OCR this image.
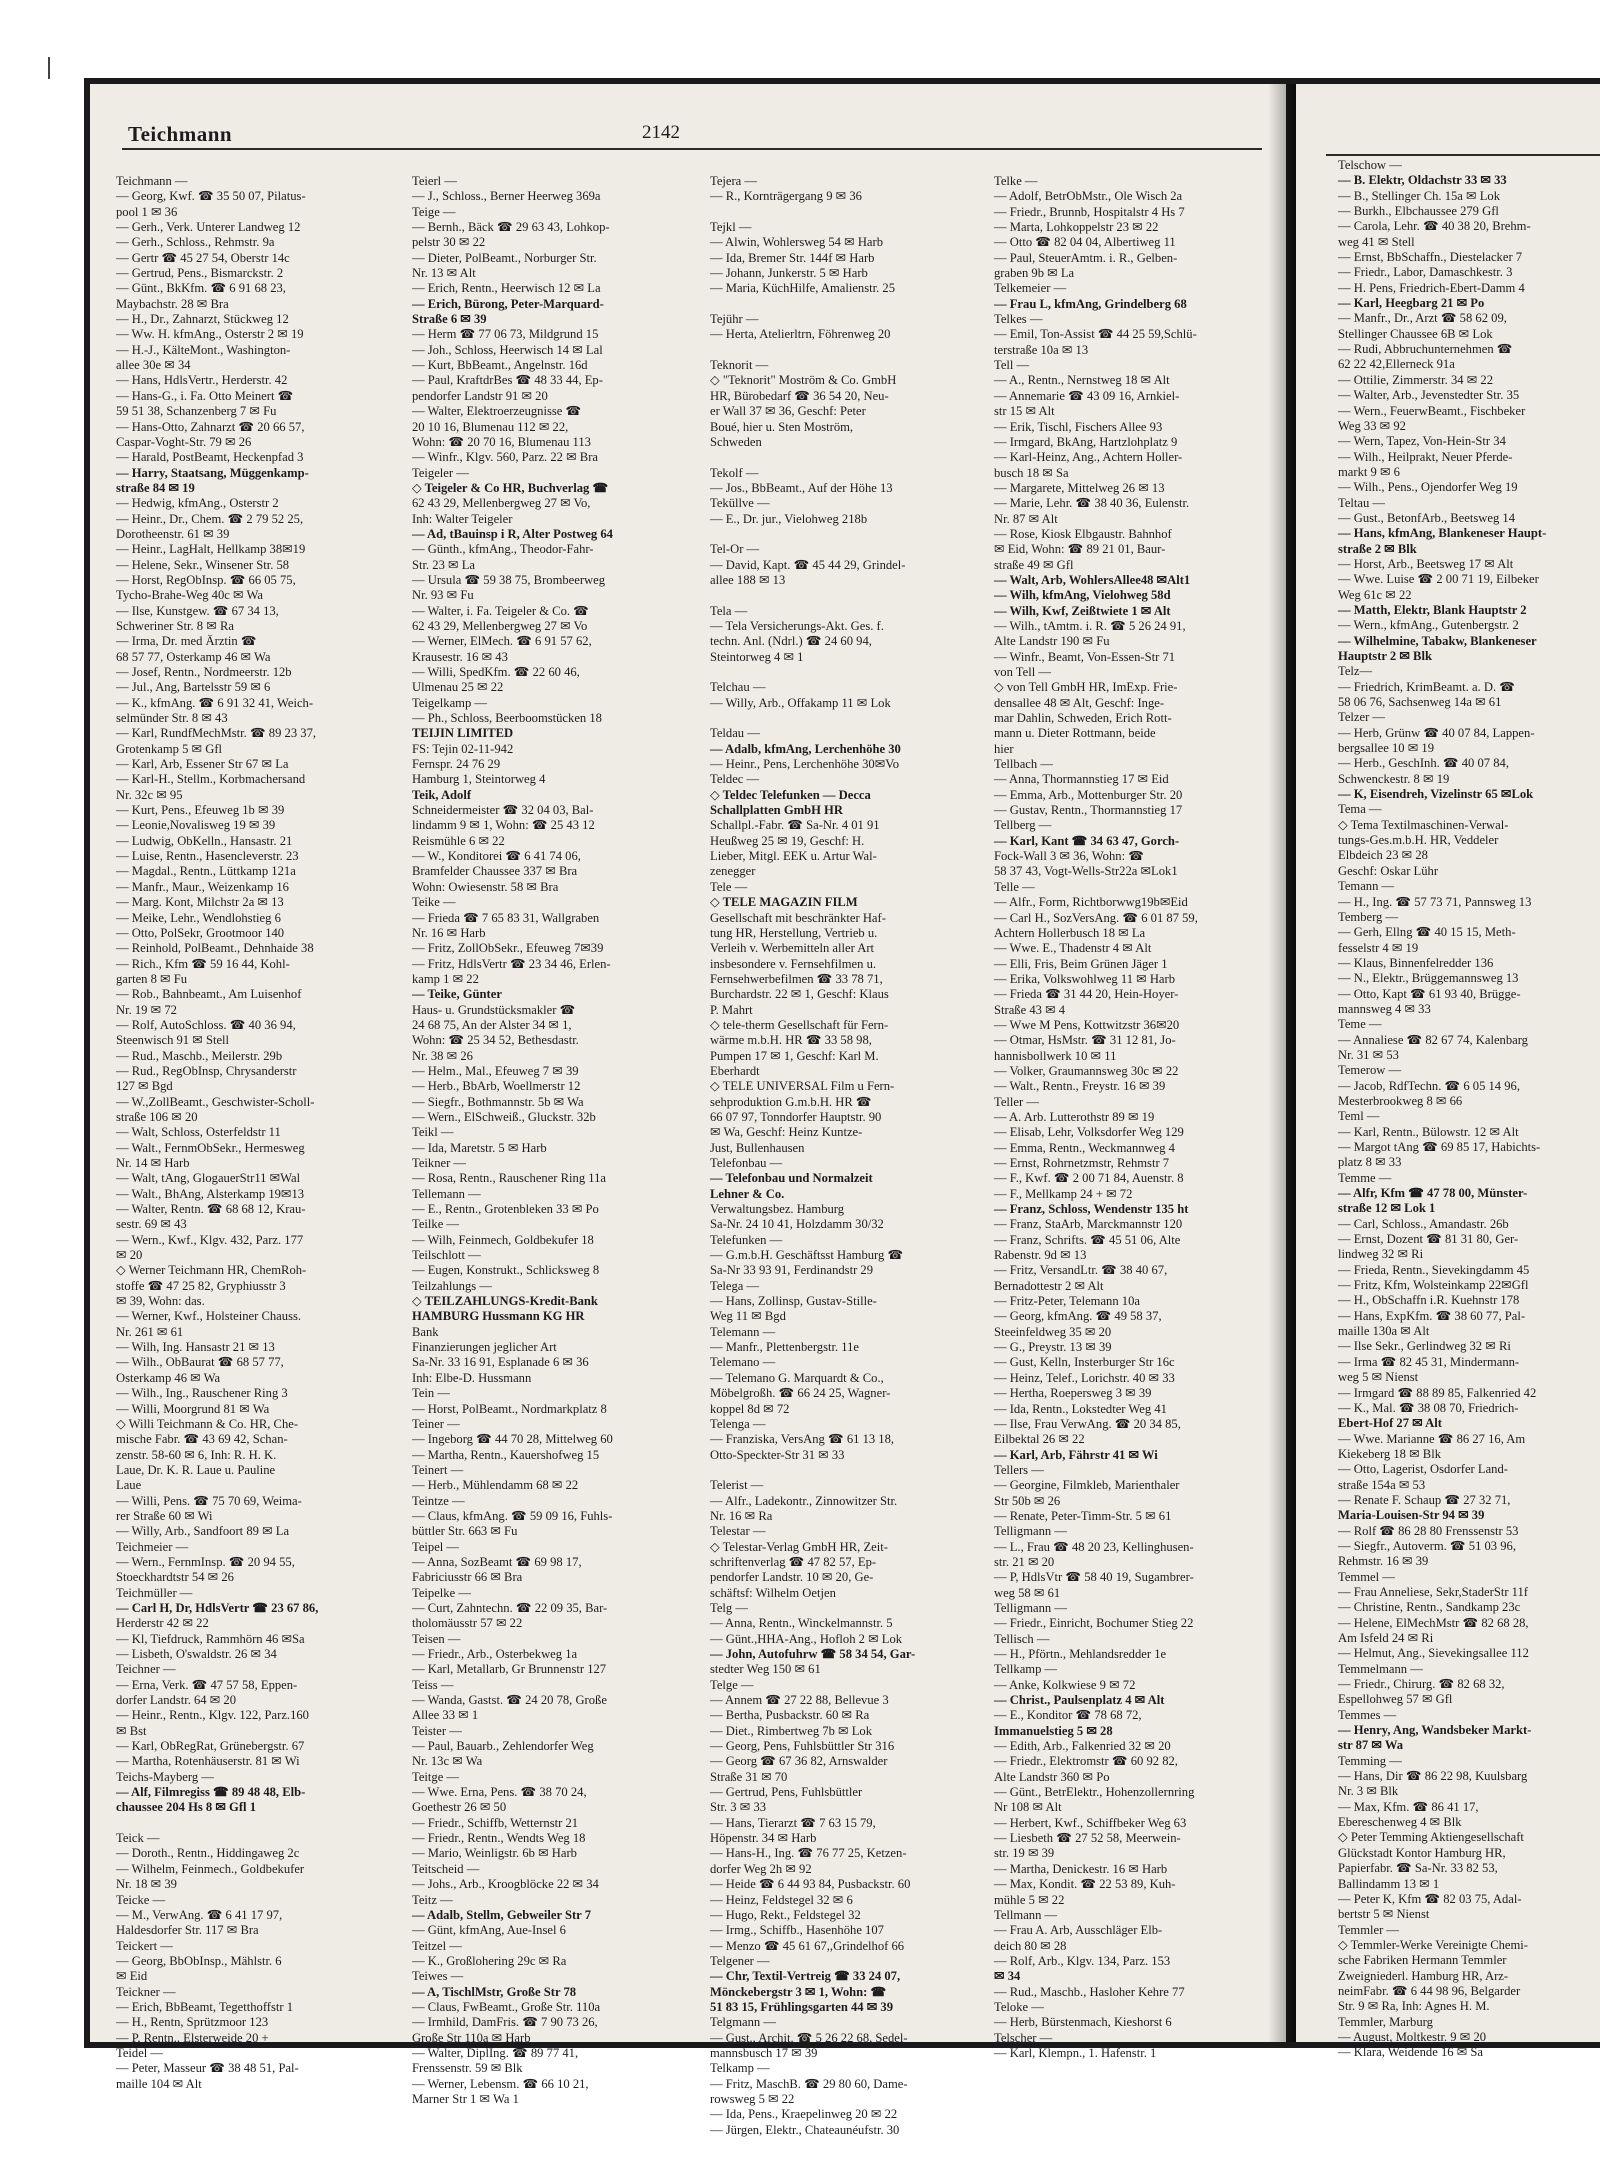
Teichmann	2142
Teichmann —
— Georg, Kwf. ☎ 35 50 07, Pilatus-
pool 1 ✉ 36
— Gerh., Verk. Unterer Landweg 12
— Gerh., Schloss., Rehmstr. 9a
— Gertr ☎ 45 27 54, Oberstr 14c
— Gertrud, Pens., Bismarckstr. 2
— Günt., BkKfm. ☎ 6 91 68 23,
Maybachstr. 28 ✉ Bra
— H., Dr., Zahnarzt, Stückweg 12
— Ww. H. kfmAng., Osterstr 2 ✉ 19
— H.-J., KälteMont., Washington-
allee 30e ✉ 34
— Hans, HdlsVertr., Herderstr. 42
— Hans-G., i. Fa. Otto Meinert ☎
59 51 38, Schanzenberg 7 ✉ Fu
— Hans-Otto, Zahnarzt ☎ 20 66 57,
Caspar-Voght-Str. 79 ✉ 26
— Harald, PostBeamt, Heckenpfad 3
— Harry, Staatsang, Müggenkamp-
straße 84 ✉ 19
— Hedwig, kfmAng., Osterstr 2
— Heinr., Dr., Chem. ☎ 2 79 52 25,
Dorotheenstr. 61 ✉ 39
— Heinr., LagHalt, Hellkamp 38✉19
— Helene, Sekr., Winsener Str. 58
— Horst, RegObInsp. ☎ 66 05 75,
Tycho-Brahe-Weg 40c ✉ Wa
— Ilse, Kunstgew. ☎ 67 34 13,
Schweriner Str. 8 ✉ Ra
— Irma, Dr. med Ärztin ☎
68 57 77, Osterkamp 46 ✉ Wa
— Josef, Rentn., Nordmeerstr. 12b
— Jul., Ang, Bartelsstr 59 ✉ 6
— K., kfmAng. ☎ 6 91 32 41, Weich-
selmünder Str. 8 ✉ 43
— Karl, RundfMechMstr. ☎ 89 23 37,
Grotenkamp 5 ✉ Gfl
— Karl, Arb, Essener Str 67 ✉ La
— Karl-H., Stellm., Korbmachersand
Nr. 32c ✉ 95
— Kurt, Pens., Efeuweg 1b ✉ 39
— Leonie,Novalisweg 19 ✉ 39
— Ludwig, ObKelln., Hansastr. 21
— Luise, Rentn., Hasencleverstr. 23
— Magdal., Rentn., Lüttkamp 121a
— Manfr., Maur., Weizenkamp 16
— Marg. Kont, Milchstr 2a ✉ 13
— Meike, Lehr., Wendlohstieg 6
— Otto, PolSekr, Grootmoor 140
— Reinhold, PolBeamt., Dehnhaide 38
— Rich., Kfm ☎ 59 16 44, Kohl-
garten 8 ✉ Fu
— Rob., Bahnbeamt., Am Luisenhof
Nr. 19 ✉ 72
— Rolf, AutoSchloss. ☎ 40 36 94,
Steenwisch 91 ✉ Stell
— Rud., Maschb., Meilerstr. 29b
— Rud., RegObInsp, Chrysanderstr
127 ✉ Bgd
— W.,ZollBeamt., Geschwister-Scholl-
straße 106 ✉ 20
— Walt, Schloss, Osterfeldstr 11
— Walt., FernmObSekr., Hermesweg
Nr. 14 ✉ Harb
— Walt, tAng, GlogauerStr11 ✉Wal
— Walt., BhAng, Alsterkamp 19✉13
— Walter, Rentn. ☎ 68 68 12, Krau-
sestr. 69 ✉ 43
— Wern., Kwf., Klgv. 432, Parz. 177
✉ 20
◇ Werner Teichmann HR, ChemRoh-
stoffe ☎ 47 25 82, Gryphiusstr 3
✉ 39, Wohn: das.
— Werner, Kwf., Holsteiner Chauss.
Nr. 261 ✉ 61
— Wilh, Ing. Hansastr 21 ✉ 13
— Wilh., ObBaurat ☎ 68 57 77,
Osterkamp 46 ✉ Wa
— Wilh., Ing., Rauschener Ring 3
— Willi, Moorgrund 81 ✉ Wa
◇ Willi Teichmann & Co. HR, Che-
mische Fabr. ☎ 43 69 42, Schan-
zenstr. 58-60 ✉ 6, Inh: R. H. K.
Laue, Dr. K. R. Laue u. Pauline
Laue
— Willi, Pens. ☎ 75 70 69, Weima-
rer Straße 60 ✉ Wi
— Willy, Arb., Sandfoort 89 ✉ La
Teichmeier —
— Wern., FernmInsp. ☎ 20 94 55,
Stoeckhardtstr 54 ✉ 26
Teichmüller —
— Carl H, Dr, HdlsVertr ☎ 23 67 86,
Herderstr 42 ✉ 22
— Kl, Tiefdruck, Rammhörn 46 ✉Sa
— Lisbeth, O'swaldstr. 26 ✉ 34
Teichner —
— Erna, Verk. ☎ 47 57 58, Eppen-
dorfer Landstr. 64 ✉ 20
— Heinr., Rentn., Klgv. 122, Parz.160
✉ Bst
— Karl, ObRegRat, Grünebergstr. 67
— Martha, Rotenhäuserstr. 81 ✉ Wi
Teichs-Mayberg —
— Alf, Filmregiss ☎ 89 48 48, Elb-
chaussee 204 Hs 8 ✉ Gfl 1
Teick —
— Doroth., Rentn., Hiddingaweg 2c
— Wilhelm, Feinmech., Goldbekufer
Nr. 18 ✉ 39
Teicke —
— M., VerwAng. ☎ 6 41 17 97,
Haldesdorfer Str. 117 ✉ Bra
Teickert —
— Georg, BbObInsp., Mählstr. 6
✉ Eid
Teickner —
— Erich, BbBeamt, Tegetthoffstr 1
— H., Rentn, Sprützmoor 123
— P, Rentn., Elsterweide 20 +
Teidel —
— Peter, Masseur ☎ 38 48 51, Pal-
maille 104 ✉ Alt
Teierl —
— J., Schloss., Berner Heerweg 369a
Teige —
— Bernh., Bäck ☎ 29 63 43, Lohkop-
pelstr 30 ✉ 22
— Dieter, PolBeamt., Norburger Str.
Nr. 13 ✉ Alt
— Erich, Rentn., Heerwisch 12 ✉ La
— Erich, Bürong, Peter-Marquard-
Straße 6 ✉ 39
— Herm ☎ 77 06 73, Mildgrund 15
— Joh., Schloss, Heerwisch 14 ✉ Lal
— Kurt, BbBeamt., Angelnstr. 16d
— Paul, KraftdrBes ☎ 48 33 44, Ep-
pendorfer Landstr 91 ✉ 20
— Walter, Elektroerzeugnisse ☎
20 10 16, Blumenau 112 ✉ 22,
Wohn: ☎ 20 70 16, Blumenau 113
— Winfr., Klgv. 560, Parz. 22 ✉ Bra
Teigeler —
◇ Teigeler & Co HR, Buchverlag ☎
62 43 29, Mellenbergweg 27 ✉ Vo,
Inh: Walter Teigeler
— Ad, tBauinsp i R, Alter Postweg 64
— Günth., kfmAng., Theodor-Fahr-
Str. 23 ✉ La
— Ursula ☎ 59 38 75, Brombeerweg
Nr. 93 ✉ Fu
— Walter, i. Fa. Teigeler & Co. ☎
62 43 29, Mellenbergweg 27 ✉ Vo
— Werner, ElMech. ☎ 6 91 57 62,
Krausestr. 16 ✉ 43
— Willi, SpedKfm. ☎ 22 60 46,
Ulmenau 25 ✉ 22
Teigelkamp —
— Ph., Schloss, Beerboomstücken 18
TEIJIN LIMITED
FS: Tejin 02-11-942
Fernspr. 24 76 29
Hamburg 1, Steintorweg 4
Teik, Adolf
Schneidermeister ☎ 32 04 03, Bal-
lindamm 9 ✉ 1, Wohn: ☎ 25 43 12
Reismühle 6 ✉ 22
— W., Konditorei ☎ 6 41 74 06,
Bramfelder Chaussee 337 ✉ Bra
Wohn: Owiesenstr. 58 ✉ Bra
Teike —
— Frieda ☎ 7 65 83 31, Wallgraben
Nr. 16 ✉ Harb
— Fritz, ZollObSekr., Efeuweg 7✉39
— Fritz, HdlsVertr ☎ 23 34 46, Erlen-
kamp 1 ✉ 22
— Teike, Günter
Haus- u. Grundstücksmakler ☎
24 68 75, An der Alster 34 ✉ 1,
Wohn: ☎ 25 34 52, Bethesdastr.
Nr. 38 ✉ 26
— Helm., Mal., Efeuweg 7 ✉ 39
— Herb., BbArb, Woellmerstr 12
— Siegfr., Bothmannstr. 5b ✉ Wa
— Wern., ElSchweiß., Gluckstr. 32b
Teikl —
— Ida, Maretstr. 5 ✉ Harb
Teikner —
— Rosa, Rentn., Rauschener Ring 11a
Tellemann —
— E., Rentn., Grotenbleken 33 ✉ Po
Teilke —
— Wilh, Feinmech, Goldbekufer 18
Teilschlott —
— Eugen, Konstrukt., Schlicksweg 8
Teilzahlungs —
◇ TEILZAHLUNGS-Kredit-Bank
HAMBURG Hussmann KG HR
Bank
Finanzierungen jeglicher Art
Sa-Nr. 33 16 91, Esplanade 6 ✉ 36
Inh: Elbe-D. Hussmann
Tein —
— Horst, PolBeamt., Nordmarkplatz 8
Teiner —
— Ingeborg ☎ 44 70 28, Mittelweg 60
— Martha, Rentn., Kauershofweg 15
Teinert —
— Herb., Mühlendamm 68 ✉ 22
Teintze —
— Claus, kfmAng. ☎ 59 09 16, Fuhls-
büttler Str. 663 ✉ Fu
Teipel —
— Anna, SozBeamt ☎ 69 98 17,
Fabriciusstr 66 ✉ Bra
Teipelke —
— Curt, Zahntechn. ☎ 22 09 35, Bar-
tholomäusstr 57 ✉ 22
Teisen —
— Friedr., Arb., Osterbekweg 1a
— Karl, Metallarb, Gr Brunnenstr 127
Teiss —
— Wanda, Gastst. ☎ 24 20 78, Große
Allee 33 ✉ 1
Teister —
— Paul, Bauarb., Zehlendorfer Weg
Nr. 13c ✉ Wa
Teitge —
— Wwe. Erna, Pens. ☎ 38 70 24,
Goethestr 26 ✉ 50
— Friedr., Schiffb, Wetternstr 21
— Friedr., Rentn., Wendts Weg 18
— Mario, Weinligstr. 6b ✉ Harb
Teitscheid —
— Johs., Arb., Kroogblöcke 22 ✉ 34
Teitz —
— Adalb, Stellm, Gebweiler Str 7
— Günt, kfmAng, Aue-Insel 6
Teitzel —
— K., Großlohering 29c ✉ Ra
Teiwes —
— A, TischlMstr, Große Str 78
— Claus, FwBeamt., Große Str. 110a
— Irmhild, DamFris. ☎ 7 90 73 26,
Große Str 110a ✉ Harb
— Walter, DiplIng. ☎ 89 77 41,
Frenssenstr. 59 ✉ Blk
— Werner, Lebensm. ☎ 66 10 21,
Marner Str 1 ✉ Wa 1
Tejera —
— R., Kornträgergang 9 ✉ 36
Tejkl —
— Alwin, Wohlersweg 54 ✉ Harb
— Ida, Bremer Str. 144f ✉ Harb
— Johann, Junkerstr. 5 ✉ Harb
— Maria, KüchHilfe, Amalienstr. 25
Tejühr —
— Herta, Atelierltrn, Föhrenweg 20
Teknorit —
◇ "Teknorit" Moström & Co. GmbH
HR, Bürobedarf ☎ 36 54 20, Neu-
er Wall 37 ✉ 36, Geschf: Peter
Boué, hier u. Sten Moström,
Schweden
Tekolf —
— Jos., BbBeamt., Auf der Höhe 13
Teküllve —
— E., Dr. jur., Vielohweg 218b
Tel-Or —
— David, Kapt. ☎ 45 44 29, Grindel-
allee 188 ✉ 13
Tela —
— Tela Versicherungs-Akt. Ges. f.
techn. Anl. (Ndrl.) ☎ 24 60 94,
Steintorweg 4 ✉ 1
Telchau —
— Willy, Arb., Offakamp 11 ✉ Lok
Teldau —
— Adalb, kfmAng, Lerchenhöhe 30
— Heinr., Pens, Lerchenhöhe 30✉Vo
Teldec —
◇ Teldec Telefunken — Decca
Schallplatten GmbH HR
Schallpl.-Fabr. ☎ Sa-Nr. 4 01 91
Heußweg 25 ✉ 19, Geschf: H.
Lieber, Mitgl. EEK u. Artur Wal-
zenegger
Tele —
◇ TELE MAGAZIN FILM
Gesellschaft mit beschränkter Haf-
tung HR, Herstellung, Vertrieb u.
Verleih v. Werbemitteln aller Art
insbesondere v. Fernsehfilmen u.
Fernsehwerbefilmen ☎ 33 78 71,
Burchardstr. 22 ✉ 1, Geschf: Klaus
P. Mahrt
◇ tele-therm Gesellschaft für Fern-
wärme m.b.H. HR ☎ 33 58 98,
Pumpen 17 ✉ 1, Geschf: Karl M.
Eberhardt
◇ TELE UNIVERSAL Film u Fern-
sehproduktion G.m.b.H. HR ☎
66 07 97, Tonndorfer Hauptstr. 90
✉ Wa, Geschf: Heinz Kuntze-
Just, Bullenhausen
Telefonbau —
— Telefonbau und Normalzeit
Lehner & Co.
Verwaltungsbez. Hamburg
Sa-Nr. 24 10 41, Holzdamm 30/32
Telefunken —
— G.m.b.H. Geschäftsst Hamburg ☎
Sa-Nr 33 93 91, Ferdinandstr 29
Telega —
— Hans, Zollinsp, Gustav-Stille-
Weg 11 ✉ Bgd
Telemann —
— Manfr., Plettenbergstr. 11e
Telemano —
— Telemano G. Marquardt & Co.,
Möbelgroßh. ☎ 66 24 25, Wagner-
koppel 8d ✉ 72
Telenga —
— Franziska, VersAng ☎ 61 13 18,
Otto-Speckter-Str 31 ✉ 33
Telerist —
— Alfr., Ladekontr., Zinnowitzer Str.
Nr. 16 ✉ Ra
Telestar —
◇ Telestar-Verlag GmbH HR, Zeit-
schriftenverlag ☎ 47 82 57, Ep-
pendorfer Landstr. 10 ✉ 20, Ge-
schäftsf: Wilhelm Oetjen
Telg —
— Anna, Rentn., Winckelmannstr. 5
— Günt.,HHA-Ang., Hofloh 2 ✉ Lok
— John, Autofuhrw ☎ 58 34 54, Gar-
stedter Weg 150 ✉ 61
Telge —
— Annem ☎ 27 22 88, Bellevue 3
— Bertha, Pusbackstr. 60 ✉ Ra
— Diet., Rimbertweg 7b ✉ Lok
— Georg, Pens, Fuhlsbüttler Str 316
— Georg ☎ 67 36 82, Arnswalder
Straße 31 ✉ 70
— Gertrud, Pens, Fuhlsbüttler
Str. 3 ✉ 33
— Hans, Tierarzt ☎ 7 63 15 79,
Höpenstr. 34 ✉ Harb
— Hans-H., Ing. ☎ 76 77 25, Ketzen-
dorfer Weg 2h ✉ 92
— Heide ☎ 6 44 93 84, Pusbackstr. 60
— Heinz, Feldstegel 32 ✉ 6
— Hugo, Rekt., Feldstegel 32
— Irmg., Schiffb., Hasenhöhe 107
— Menzo ☎ 45 61 67,,Grindelhof 66
Telgener —
— Chr, Textil-Vertreig ☎ 33 24 07,
Mönckebergstr 3 ✉ 1, Wohn: ☎
51 83 15, Frühlingsgarten 44 ✉ 39
Telgmann —
— Gust., Archit. ☎ 5 26 22 68, Sedel-
mannsbusch 17 ✉ 39
Telkamp —
— Fritz, MaschB. ☎ 29 80 60, Dame-
rowsweg 5 ✉ 22
— Ida, Pens., Kraepelinweg 20 ✉ 22
— Jürgen, Elektr., Chateaunéufstr. 30
Telke —
— Adolf, BetrObMstr., Ole Wisch 2a
— Friedr., Brunnb, Hospitalstr 4 Hs 7
— Marta, Lohkoppelstr 23 ✉ 22
— Otto ☎ 82 04 04, Albertiweg 11
— Paul, SteuerAmtm. i. R., Gelben-
graben 9b ✉ La
Telkemeier —
— Frau L, kfmAng, Grindelberg 68
Telkes —
— Emil, Ton-Assist ☎ 44 25 59,Schlü-
terstraße 10a ✉ 13
Tell —
— A., Rentn., Nernstweg 18 ✉ Alt
— Annemarie ☎ 43 09 16, Arnkiel-
str 15 ✉ Alt
— Erik, Tischl, Fischers Allee 93
— Irmgard, BkAng, Hartzlohplatz 9
— Karl-Heinz, Ang., Achtern Holler-
busch 18 ✉ Sa
— Margarete, Mittelweg 26 ✉ 13
— Marie, Lehr. ☎ 38 40 36, Eulenstr.
Nr. 87 ✉ Alt
— Rose, Kiosk Elbgaustr. Bahnhof
✉ Eid, Wohn: ☎ 89 21 01, Baur-
straße 49 ✉ Gfl
— Walt, Arb, WohlersAllee48 ✉Alt1
— Wilh, kfmAng, Vielohweg 58d
— Wilh, Kwf, Zeißtwiete 1 ✉ Alt
— Wilh., tAmtm. i. R. ☎ 5 26 24 91,
Alte Landstr 190 ✉ Fu
— Winfr., Beamt, Von-Essen-Str 71
von Tell —
◇ von Tell GmbH HR, ImExp. Frie-
densallee 48 ✉ Alt, Geschf: Inge-
mar Dahlin, Schweden, Erich Rott-
mann u. Dieter Rottmann, beide
hier
Tellbach —
— Anna, Thormannstieg 17 ✉ Eid
— Emma, Arb., Mottenburger Str. 20
— Gustav, Rentn., Thormannstieg 17
Tellberg —
— Karl, Kant ☎ 34 63 47, Gorch-
Fock-Wall 3 ✉ 36, Wohn: ☎
58 37 43, Vogt-Wells-Str22a ✉Lok1
Telle —
— Alfr., Form, Richtborwwg19b✉Eid
— Carl H., SozVersAng. ☎ 6 01 87 59,
Achtern Hollerbusch 18 ✉ La
— Wwe. E., Thadenstr 4 ✉ Alt
— Elli, Fris, Beim Grünen Jäger 1
— Erika, Volkswohlweg 11 ✉ Harb
— Frieda ☎ 31 44 20, Hein-Hoyer-
Straße 43 ✉ 4
— Wwe M Pens, Kottwitzstr 36✉20
— Otmar, HsMstr. ☎ 31 12 81, Jo-
hannisbollwerk 10 ✉ 11
— Volker, Graumannsweg 30c ✉ 22
— Walt., Rentn., Freystr. 16 ✉ 39
Teller —
— A. Arb. Lutterothstr 89 ✉ 19
— Elisab, Lehr, Volksdorfer Weg 129
— Emma, Rentn., Weckmannweg 4
— Ernst, Rohrnetzmstr, Rehmstr 7
— F., Kwf. ☎ 2 00 71 84, Auenstr. 8
— F., Mellkamp 24 + ✉ 72
— Franz, Schloss, Wendenstr 135 ht
— Franz, StaArb, Marckmannstr 120
— Franz, Schrifts. ☎ 45 51 06, Alte
Rabenstr. 9d ✉ 13
— Fritz, VersandLtr. ☎ 38 40 67,
Bernadottestr 2 ✉ Alt
— Fritz-Peter, Telemann 10a
— Georg, kfmAng. ☎ 49 58 37,
Steeinfeldweg 35 ✉ 20
— G., Preystr. 13 ✉ 39
— Gust, Kelln, Insterburger Str 16c
— Heinz, Telef., Lorichstr. 40 ✉ 33
— Hertha, Roepersweg 3 ✉ 39
— Ida, Rentn., Lokstedter Weg 41
— Ilse, Frau VerwAng. ☎ 20 34 85,
Eilbektal 26 ✉ 22
— Karl, Arb, Fährstr 41 ✉ Wi
Tellers —
— Georgine, Filmkleb, Marienthaler
Str 50b ✉ 26
— Renate, Peter-Timm-Str. 5 ✉ 61
Telligmann —
— L., Frau ☎ 48 20 23, Kellinghusen-
str. 21 ✉ 20
— P, HdlsVtr ☎ 58 40 19, Sugambrer-
weg 58 ✉ 61
Telligmann —
— Friedr., Einricht, Bochumer Stieg 22
Tellisch —
— H., Pförtn., Mehlandsredder 1e
Tellkamp —
— Anke, Kolkwiese 9 ✉ 72
— Christ., Paulsenplatz 4 ✉ Alt
— E., Konditor ☎ 78 68 72,
Immanuelstieg 5 ✉ 28
— Edith, Arb., Falkenried 32 ✉ 20
— Friedr., Elektromstr ☎ 60 92 82,
Alte Landstr 360 ✉ Po
— Günt., BetrElektr., Hohenzollernring
Nr 108 ✉ Alt
— Herbert, Kwf., Schiffbeker Weg 63
— Liesbeth ☎ 27 52 58, Meerwein-
str. 19 ✉ 39
— Martha, Denickestr. 16 ✉ Harb
— Max, Kondit. ☎ 22 53 89, Kuh-
mühle 5 ✉ 22
Tellmann —
— Frau A. Arb, Ausschläger Elb-
deich 80 ✉ 28
— Rolf, Arb., Klgv. 134, Parz. 153
✉ 34
— Rud., Maschb., Hasloher Kehre 77
Teloke —
— Herb, Bürstenmach, Kieshorst 6
Telscher —
— Karl, Klempn., 1. Hafenstr. 1
Telschow —
— B. Elektr, Oldachstr 33 ✉ 33
— B., Stellinger Ch. 15a ✉ Lok
— Burkh., Elbchaussee 279 Gfl
— Carola, Lehr. ☎ 40 38 20, Brehm-
weg 41 ✉ Stell
— Ernst, BbSchaffn., Diestelacker 7
— Friedr., Labor, Damaschkestr. 3
— H. Pens, Friedrich-Ebert-Damm 4
— Karl, Heegbarg 21 ✉ Po
— Manfr., Dr., Arzt ☎ 58 62 09,
Stellinger Chaussee 6B ✉ Lok
— Rudi, Abbruchunternehmen ☎
62 22 42,Ellerneck 91a
— Ottilie, Zimmerstr. 34 ✉ 22
— Walter, Arb., Jevenstedter Str. 35
— Wern., FeuerwBeamt., Fischbeker
Weg 33 ✉ 92
— Wern, Tapez, Von-Hein-Str 34
— Wilh., Heilprakt, Neuer Pferde-
markt 9 ✉ 6
— Wilh., Pens., Ojendorfer Weg 19
Teltau —
— Gust., BetonfArb., Beetsweg 14
— Hans, kfmAng, Blankeneser Haupt-
straße 2 ✉ Blk
— Horst, Arb., Beetsweg 17 ✉ Alt
— Wwe. Luise ☎ 2 00 71 19, Eilbeker
Weg 61c ✉ 22
— Matth, Elektr, Blank Hauptstr 2
— Wern., kfmAng., Gutenbergstr. 2
— Wilhelmine, Tabakw, Blankeneser
Hauptstr 2 ✉ Blk
Telz—
— Friedrich, KrimBeamt. a. D. ☎
58 06 76, Sachsenweg 14a ✉ 61
Telzer —
— Herb, Grünw ☎ 40 07 84, Lappen-
bergsallee 10 ✉ 19
— Herb., GeschInh. ☎ 40 07 84,
Schwenckestr. 8 ✉ 19
— K, Eisendreh, Vizelinstr 65 ✉Lok
Tema —
◇ Tema Textilmaschinen-Verwal-
tungs-Ges.m.b.H. HR, Veddeler
Elbdeich 23 ✉ 28
Geschf: Oskar Lühr
Temann —
— H., Ing. ☎ 57 73 71, Pannsweg 13
Temberg —
— Gerh, Ellng ☎ 40 15 15, Meth-
fesselstr 4 ✉ 19
— Klaus, Binnenfelredder 136
— N., Elektr., Brüggemannsweg 13
— Otto, Kapt ☎ 61 93 40, Brügge-
mannsweg 4 ✉ 33
Teme —
— Annaliese ☎ 82 67 74, Kalenbarg
Nr. 31 ✉ 53
Temerow —
— Jacob, RdfTechn. ☎ 6 05 14 96,
Mesterbrookweg 8 ✉ 66
Teml —
— Karl, Rentn., Bülowstr. 12 ✉ Alt
— Margot tAng ☎ 69 85 17, Habichts-
platz 8 ✉ 33
Temme —
— Alfr, Kfm ☎ 47 78 00, Münster-
straße 12 ✉ Lok 1
— Carl, Schloss., Amandastr. 26b
— Ernst, Dozent ☎ 81 31 80, Ger-
lindweg 32 ✉ Ri
— Frieda, Rentn., Sievekingdamm 45
— Fritz, Kfm, Wolsteinkamp 22✉Gfl
— H., ObSchaffn i.R. Kuehnstr 178
— Hans, ExpKfm. ☎ 38 60 77, Pal-
maille 130a ✉ Alt
— Ilse Sekr., Gerlindweg 32 ✉ Ri
— Irma ☎ 82 45 31, Mindermann-
weg 5 ✉ Nienst
— Irmgard ☎ 88 89 85, Falkenried 42
— K., Mal. ☎ 38 08 70, Friedrich-
Ebert-Hof 27 ✉ Alt
— Wwe. Marianne ☎ 86 27 16, Am
Kiekeberg 18 ✉ Blk
— Otto, Lagerist, Osdorfer Land-
straße 154a ✉ 53
— Renate F. Schaup ☎ 27 32 71,
Maria-Louisen-Str 94 ✉ 39
— Rolf ☎ 86 28 80 Frenssenstr 53
— Siegfr., Autoverm. ☎ 51 03 96,
Rehmstr. 16 ✉ 39
Temmel —
— Frau Anneliese, Sekr,StaderStr 11f
— Christine, Rentn., Sandkamp 23c
— Helene, ElMechMstr ☎ 82 68 28,
Am Isfeld 24 ✉ Ri
— Helmut, Ang., Sievekingsallee 112
Temmelmann —
— Friedr., Chirurg. ☎ 82 68 32,
Espellohweg 57 ✉ Gfl
Temmes —
— Henry, Ang, Wandsbeker Markt-
str 87 ✉ Wa
Temming —
— Hans, Dir ☎ 86 22 98, Kuulsbarg
Nr. 3 ✉ Blk
— Max, Kfm. ☎ 86 41 17,
Ebereschenweg 4 ✉ Blk
◇ Peter Temming Aktiengesellschaft
Glückstadt Kontor Hamburg HR,
Papierfabr. ☎ Sa-Nr. 33 82 53,
Ballindamm 13 ✉ 1
— Peter K, Kfm ☎ 82 03 75, Adal-
bertstr 5 ✉ Nienst
Temmler —
◇ Temmler-Werke Vereinigte Chemi-
sche Fabriken Hermann Temmler
Zweigniederl. Hamburg HR, Arz-
neimFabr. ☎ 6 44 98 96, Belgarder
Str. 9 ✉ Ra, Inh: Agnes H. M.
Temmler, Marburg
— August, Moltkestr. 9 ✉ 20
— Klara, Weidende 16 ✉ Sa
